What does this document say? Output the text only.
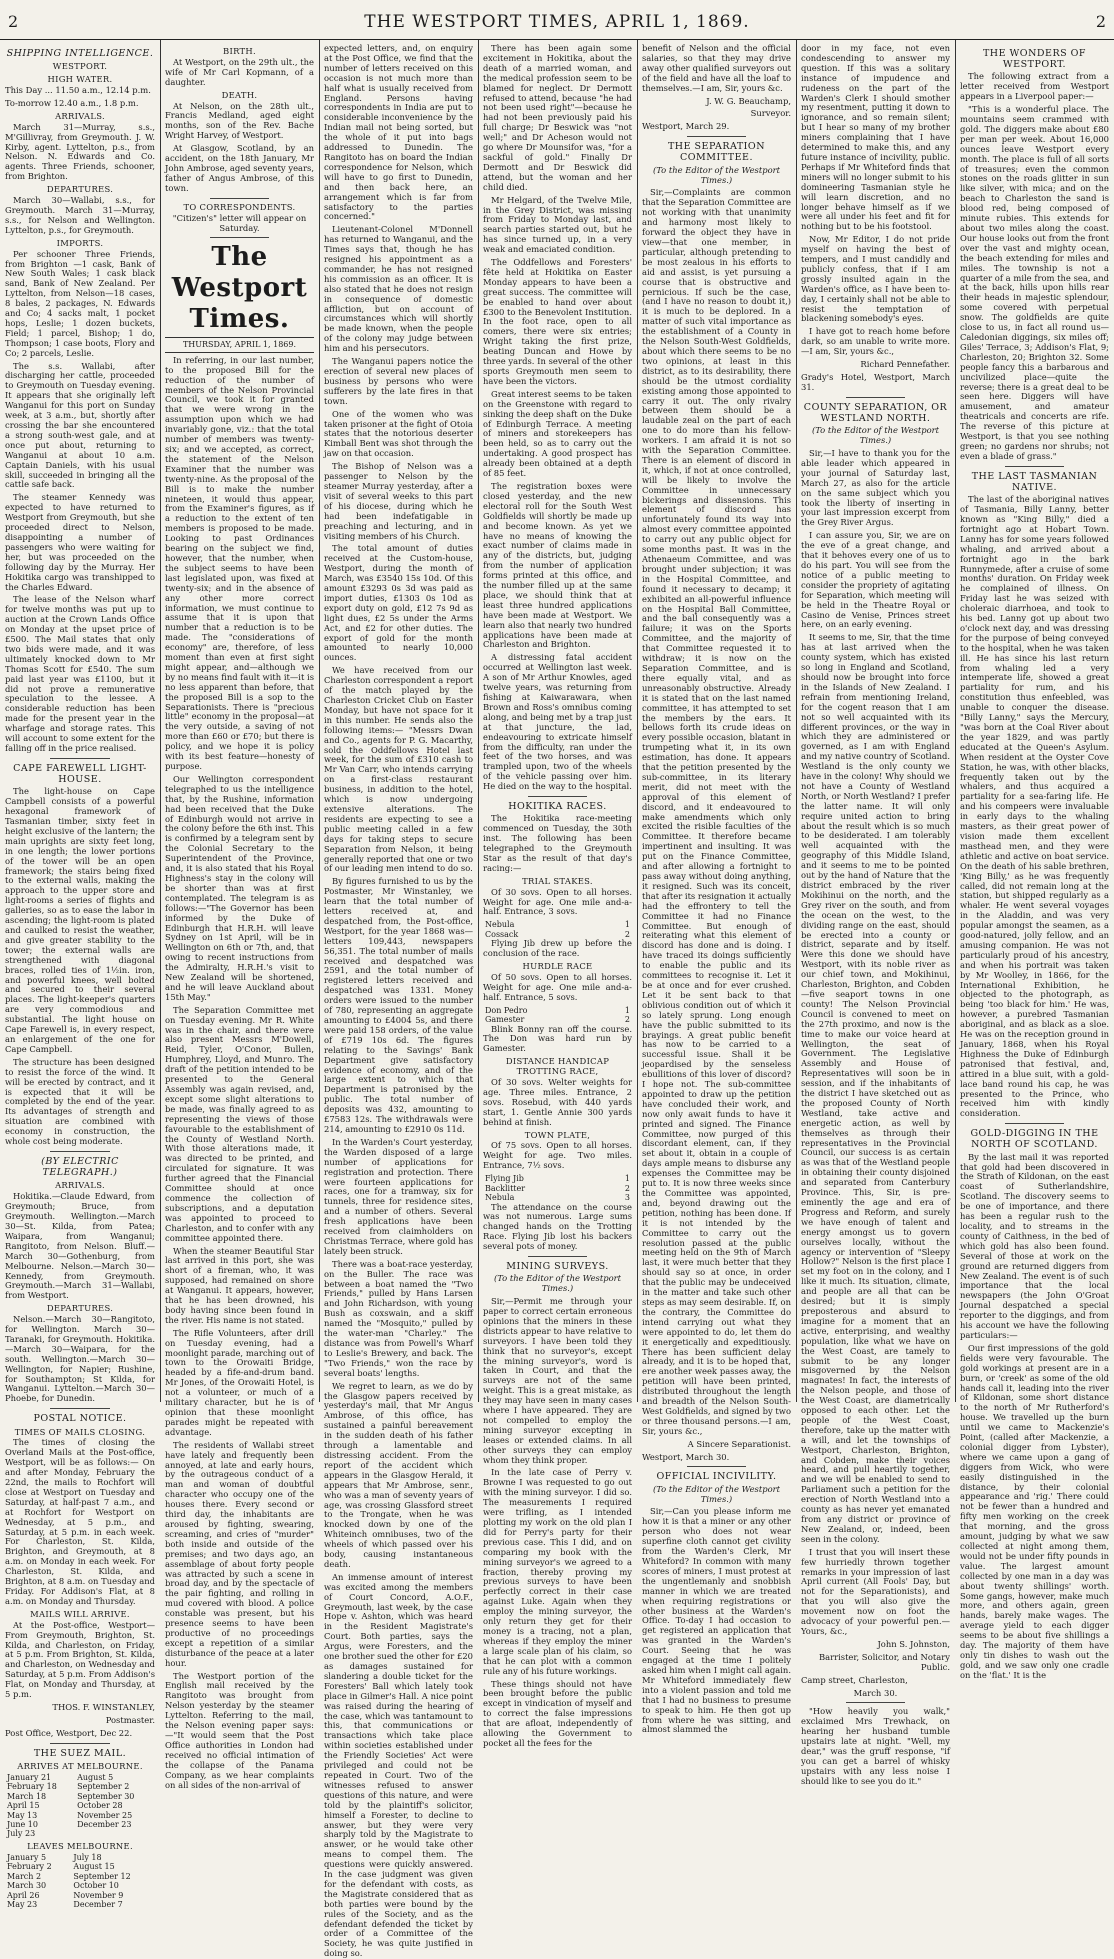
2	THE WESTPORT TIMES, APRIL 1, 1869.	2
SHIPPING INTELLIGENCE.
WESTPORT.
HIGH WATER.

This Day ... 11.50 a.m., 12.14 p.m.

To-morrow 12.40 a.m., 1.8 p.m.

ARRIVALS.

March 31—Murray, s.s., M'Gillivray, from Greymouth. J. W. Kirby, agent. Lyttelton, p.s., from Nelson. N. Edwards and Co. agents. Three Friends, schooner, from Brighton.

DEPARTURES.

March 30—Wallabi, s.s., for Greymouth. March 31—Murray, s.s., for Nelson and Wellington. Lyttelton, p.s., for Greymouth.

IMPORTS.

Per schooner Three Friends, from Brighton —1 cask, Bank of New South Wales; 1 cask black sand, Bank of New Zealand. Per Lyttelton, from Nelson—18 cases, 8 bales, 2 packages, N. Edwards and Co; 4 sacks malt, 1 pocket hops, Leslie; 1 dozen buckets, Field; 1 parcel, Bishop; 1 do, Thompson; 1 case boots, Flory and Co; 2 parcels, Leslie.

The s.s. Wallabi, after discharging her cattle, proceeded to Greymouth on Tuesday evening. It appears that she originally left Wanganui for this port on Sunday week, at 3 a.m., but, shortly after crossing the bar she encountered a strong south-west gale, and at once put about, returning to Wanganui at about 10 a.m. Captain Daniels, with his usual skill, succeeded in bringing all the cattle safe back.

The steamer Kennedy was expected to have returned to Westport from Greymouth, but she proceeded direct to Nelson, disappointing a number of passengers who were waiting for her, but was proceeded on the following day by the Murray. Her Hokitika cargo was transhipped to the Charles Edward.

The lease of the Nelson wharf for twelve months was put up to auction at the Crown Lands Office on Monday at the upset price of £500. The Mail states that only two bids were made, and it was ultimately knocked down to Mr Thomas Scott for £540. The sum paid last year was £1100, but it did not prove a remunerative speculation to the lessee. A considerable reduction has been made for the present year in the wharfage and storage rates. This will account to some extent for the falling off in the price realised.

CAPE FAREWELL LIGHT-HOUSE.

The light-house on Cape Campbell consists of a powerful hexagonal framework of Tasmanian timber, sixty feet in height exclusive of the lantern; the main uprights are sixty feet long, in one length; the lower portions of the tower will be an open framework; the stairs being fixed to the external walls, making the approach to the upper store and light-rooms a series of flights and galleries, so as to ease the labor in ascending; the light-room is plated and caulked to resist the weather, and give greater stability to the tower; the external walls are strengthened with diagonal braces, rolled ties of 1½in. iron, and powerful knees, well bolted and secured to their several places. The light-keeper's quarters are very commodious and substantial. The light house on Cape Farewell is, in every respect, an enlargement of the one for Cape Campbell.

The structure has been designed to resist the force of the wind. It will be erected by contract, and it is expected that it will be completed by the end of the year. Its advantages of strength and situation are combined with economy in construction, the whole cost being moderate.

(BY ELECTRIC TELEGRAPH.)
ARRIVALS.

Hokitika.—Claude Edward, from Greymouth; Bruce, from Greymouth. Wellington.—March 30—St. Kilda, from Patea; Waipara, from Wanganui; Rangitoto, from Nelson. Bluff.—March 30—Gothenburg, from Melbourne. Nelson.—March 30—Kennedy, from Greymouth. Greymouth.—March 31—Wallabi, from Westport.

DEPARTURES.

Nelson.—March 30—Rangitoto, for Wellington. March 30—Taranaki, for Greymouth. Hokitika.—March 30—Waipara, for the south. Wellington.—March 30—Wellington, for Napier; Rushine, for Southampton; St Kilda, for Wanganui. Lyttelton.—March 30—Phoebe, for Dunedin.

POSTAL NOTICE.
TIMES OF MAILS CLOSING.

The times of closing the Overland Mails at the Post-office, Westport, will be as follows:— On and after Monday, February the 22nd, the mails to Rochfort will close at Westport on Tuesday and Saturday, at half-past 7 a.m., and at Rochfort for Westport on Wednesday, at 5 p.m., and Saturday, at 5 p.m. in each week. For Charleston, St. Kilda, Brighton, and Greymouth, at 8 a.m. on Monday in each week. For Charleston, St. Kilda, and Brighton, at 8 a.m. on Tuesday and Friday. For Addison's Flat, at 8 a.m. on Monday and Thursday.

MAILS WILL ARRIVE.

At the Post-office, Westport— From Greymouth, Brighton, St. Kilda, and Charleston, on Friday, at 5 p.m. From Brighton, St. Kilda, and Charleston, on Wednesday and Saturday, at 5 p.m. From Addison's Flat, on Monday and Thursday, at 5 p.m.

THOS. F. WINSTANLEY,

Postmaster.

Post Office, Westport, Dec 22.

THE SUEZ MAIL.
ARRIVES AT MELBOURNE.
January 21	August 5
February 18	September 2
March 18	September 30
April 15	October 28
May 13	November 25
June 10	December 23
July 23	
LEAVES MELBOURNE.
January 5	July 18
February 2	August 15
March 2	September 12
March 30	October 10
April 26	November 9
May 23	December 7
BIRTH.

At Westport, on the 29th ult., the wife of Mr Carl Kopmann, of a daughter.

DEATH.

At Nelson, on the 28th ult., Francis Medland, aged eight months, son of the Rev. Bache Wright Harvey, of Westport.

At Glasgow, Scotland, by an accident, on the 18th January, Mr John Ambrose, aged seventy years, father of Angus Ambrose, of this town.

TO CORRESPONDENTS.

"Citizen's" letter will appear on Saturday.

The Westport Times.
THURSDAY, APRIL 1, 1869.

In referring, in our last number, to the proposed Bill for the reduction of the number of members of the Nelson Provincial Council, we took it for granted that we were wrong in the assumption upon which we had invariably gone, viz.: that the total number of members was twenty-six; and we accepted, as correct, the statement of the Nelson Examiner that the number was twenty-nine. As the proposal of the Bill is to make the number nineteen, it would thus appear, from the Examiner's figures, as if a reduction to the extent of ten members is proposed to be made. Looking to past Ordinances bearing on the subject we find, however, that the number, when the subject seems to have been last legislated upon, was fixed at twenty-six; and in the absence of any other more correct information, we must continue to assume that it is upon that number that a reduction is to be made. The "considerations of economy" are, therefore, of less moment than even at first sight might appear, and—although we by no means find fault with it—it is no less apparent than before, that the proposed Bill is a sop to the Separationists. There is "precious little" economy in the proposal—at the very outside, a saving of not more than £60 or £70; but there is policy, and we hope it is policy with its best feature—honesty of purpose.

Our Wellington correspondent telegraphed to us the intelligence that, by the Rushine, information had been received that the Duke of Edinburgh would not arrive in the colony before the 6th inst. This is confirmed by a telegram sent by the Colonial Secretary to the Superintendent of the Province, and, it is also stated that his Royal Highness's stay in the colony will be shorter than was at first contemplated. The telegram is as follows:—"The Governor has been informed by the Duke of Edinburgh that H.R.H. will leave Sydney on 1st April, will be in Wellington on 6th or 7th, and, that owing to recent instructions from the Admiralty, H.R.H.'s visit to New Zealand will be shortened, and he will leave Auckland about 15th May."

The Separation Committee met on Tuesday evening. Mr R. White was in the chair, and there were also present Messrs M'Dowell, Reid, Tyler, O'Conor, Bullen, Humphrey, Lloyd, and Munro. The draft of the petition intended to be presented to the General Assembly was again revised, and, except some slight alterations to be made, was finally agreed to as representing the views of those favourable to the establishment of the County of Westland North. With those alterations made, it was directed to be printed, and circulated for signature. It was further agreed that the Financial Committee should at once commence the collection of subscriptions, and a deputation was appointed to proceed to Charleston, and to confer with any committee appointed there.

When the steamer Beautiful Star last arrived in this port, she was short of a fireman, who, it was supposed, had remained on shore at Wanganui. It appears, however, that he has been drowned, his body having since been found in the river. His name is not stated.

The Rifle Volunteers, after drill on Tuesday evening, had a moonlight parade, marching out of town to the Orowaiti Bridge, headed by a fife-and-drum band. Mr Jones, of the Orowaiti Hotel, is not a volunteer, or much of a military character, but he is of opinion that these moonlight parades might be repeated with advantage.

The residents of Wallabi street have lately and frequently been annoyed, at late and early hours, by the outrageous conduct of a man and woman of doubtful character who occupy one of the houses there. Every second or third day, the inhabitants are aroused by fighting, swearing, screaming, and cries of "murder" both inside and outside of the premises; and two days ago, an assemblage of about forty people was attracted by such a scene in broad day, and by the spectacle of the pair fighting, and rolling in mud covered with blood. A police constable was present, but his presence seems to have been productive of no proceedings except a repetition of a similar disturbance of the peace at a later hour.

The Westport portion of the English mail received by the Rangitoto was brought from Nelson yesterday by the steamer Lyttelton. Referring to the mail, the Nelson evening paper says:—"It would seem that the Post Office authorities in London had received no official intimation of the collapse of the Panama Company, as we hear complaints on all sides of the non-arrival of

expected letters, and, on enquiry at the Post Office, we find that the number of letters received on this occasion is not much more than half what is usually received from England. Persons having correspondents in India are put to considerable inconvenience by the Indian mail not being sorted, but the whole of it put into bags addressed to Dunedin. The Rangitoto has on board the Indian correspondence for Nelson, which will have to go first to Dunedin, and then back here, an arrangement which is far from satisfactory to the parties concerned."

Lieutenant-Colonel M'Donnell has returned to Wanganui, and the Times says that, though he has resigned his appointment as a commander, he has not resigned his commission as an officer. It is also stated that he does not resign in consequence of domestic affliction, but on account of circumstances which will shortly be made known, when the people of the colony may judge between him and his persecutors.

The Wanganui papers notice the erection of several new places of business by persons who were sufferers by the late fires in that town.

One of the women who was taken prisoner at the fight of Otoia states that the notorious deserter Kimball Bent was shot through the jaw on that occasion.

The Bishop of Nelson was a passenger to Nelson by the steamer Murray yesterday, after a visit of several weeks to this part of his diocese, during which he had been indefatigable in preaching and lecturing, and in visiting members of his Church.

The total amount of duties received at the Custom-house, Westport, during the month of March, was £3540 15s 10d. Of this amount £3293 0s 3d was paid as import duties, £1303 0s 10d as export duty on gold, £12 7s 9d as light dues, £2 5s under the Arms Act, and £2 for other duties. The export of gold for the month amounted to nearly 10,000 ounces.

We have received from our Charleston correspondent a report of the match played by the Charleston Cricket Club on Easter Monday, but have not space for it in this number. He sends also the following items:— "Messrs Dwan and Co., agents for P. G. Macarthy, sold the Oddfellows Hotel last week, for the sum of £310 cash to Mr Van Carr, who intends carrying on a first-class restaurant business, in addition to the hotel, which is now undergoing extensive alterations. The residents are expecting to see a public meeting called in a few days for taking steps to secure Separation from Nelson, it being generally reported that one or two of our leading men intend to do so.

By figures furnished to us by the Postmaster, Mr Winstanley, we learn that the total number of letters received at, and despatched from, the Post-office, Westport, for the year 1868 was—letters 109,443, newspapers 56,351. The total number of mails received and despatched was 2591, and the total number of registered letters received and despatched was 1331. Money orders were issued to the number of 780, representing an aggregate amounting to £4004 5s, and there were paid 158 orders, of the value of £719 10s 6d. The figures relating to the Savings' Bank Department give satisfactory evidence of economy, and of the large extent to which that Department is patronised by the public. The total number of deposits was 432, amounting to £7583 12s. The withdrawals were 214, amounting to £2910 0s 11d.

In the Warden's Court yesterday, the Warden disposed of a large number of applications for registration and protection. There were fourteen applications for races, one for a tramway, six for tunnels, three for residence sites, and a number of others. Several fresh applications have been received from claimholders on Christmas Terrace, where gold has lately been struck.

There was a boat-race yesterday, on the Buller. The race was between a boat named the "Two Friends," pulled by Hans Larsen and John Richardson, with young Bush as coxswain, and a skiff named the "Mosquito," pulled by the water-man "Charley." The distance was from Powell's Wharf to Leslie's Brewery, and back. The "Two Friends," won the race by several boats' lengths.

We regret to learn, as we do by the Glasgow papers received by yesterday's mail, that Mr Angus Ambrose, of this office, has sustained a painful bereavement in the sudden death of his father through a lamentable and distressing accident. From the report of the accident which appears in the Glasgow Herald, it appears that Mr Ambrose, senr., who was a man of seventy years of age, was crossing Glassford street to the Trongate, when he was knocked down by one of the Whiteinch omnibuses, two of the wheels of which passed over his body, causing instantaneous death.

An immense amount of interest was excited among the members of Court Concord, A.O.F., Greymouth, last week, by the case Hope v. Ashton, which was heard in the Resident Magistrate's Court. Both parties, says the Argus, were Foresters, and the one brother sued the other for £20 as damages sustained for slandering a double ticket for the Foresters' Ball which lately took place in Gilmer's Hall. A nice point was raised during the hearing of the case, which was tantamount to this, that communications or transactions which take place within societies established under the Friendly Societies' Act were privileged and could not be repeated in Court. Two of the witnesses refused to answer questions of this nature, and were told by the plaintiff's solicitor, himself a Forester, to decline to answer, but they were very sharply told by the Magistrate to answer, or he would take other means to compel them. The questions were quickly answered. In the case judgment was given for the defendant with costs, as the Magistrate considered that as both parties were bound by the rules of the Society, and as the defendant defended the ticket by order of a Committee of the Society, he was quite justified in doing so.

There has been again some excitement in Hokitika, about the death of a married woman, and the medical profession seem to be blamed for neglect. Dr Dermott refused to attend, because "he had not been used right"—because he had not been previously paid his full charge; Dr Beswick was "not well;" and Dr Acheson would not go where Dr Mounsifor was, "for a sackful of gold." Finally Dr Dermott and Dr Beswick did attend, but the woman and her child died.

Mr Helgard, of the Twelve Mile, in the Grey District, was missing from Friday to Monday last, and search parties started out, but he has since turned up, in a very weak and emaciated condition.

The Oddfellows and Foresters' fête held at Hokitika on Easter Monday appears to have been a great success. The committee will be enabled to hand over about £300 to the Benevolent Institution. In the foot race, open to all comers, there were six entries; Wright taking the first prize, beating Duncan and Howe by three yards. In several of the other sports Greymouth men seem to have been the victors.

Great interest seems to be taken on the Greenstone with regard to sinking the deep shaft on the Duke of Edinburgh Terrace. A meeting of miners and storekeepers has been held, so as to carry out the undertaking. A good prospect has already been obtained at a depth of 85 feet.

The registration boxes were closed yesterday, and the new electoral roll for the South West Goldfields will shortly be made up and become known. As yet we have no means of knowing the exact number of claims made in any of the districts, but, judging from the number of application forms printed at this office, and the number filled up at the same place, we should think that at least three hundred applications have been made at Westport. We learn also that nearly two hundred applications have been made at Charleston and Brighton.

A distressing fatal accident occurred at Wellington last week. A son of Mr Arthur Knowles, aged twelve years, was returning from fishing at Kaiwarawara, when Brown and Ross's omnibus coming along, and being met by a trap just at that juncture, the lad, endeavouring to extricate himself from the difficulty, ran under the feet of the two horses, and was trampled upon, two of the wheels of the vehicle passing over him. He died on the way to the hospital.

HOKITIKA RACES.

The Hokitika race-meeting commenced on Tuesday, the 30th inst. The following has been telegraphed to the Greymouth Star as the result of that day's racing:—

TRIAL STAKES.

Of 30 sovs. Open to all horses. Weight for age. One mile and-a-half. Entrance, 3 sovs.

Nebula	1
Cossack	2

Flying Jib drew up before the conclusion of the race.

HURDLE RACE

Of 50 sovs. Open to all horses. Weight for age. One mile and-a-half. Entrance, 5 sovs.

Don Pedro	1
Gamester	2

Blink Bonny ran off the course. The Don was hard run by Gamester.

DISTANCE HANDICAP TROTTING RACE,

Of 30 sovs. Welter weights for age. Three miles. Entrance, 2 sovs. Rosebud, with 440 yards start, 1. Gentle Annie 300 yards behind at finish.

TOWN PLATE,

Of 75 sovs. Open to all horses. Weight for age. Two miles. Entrance, 7½ sovs.

Flying Jib	1
Backlitter	2
Nebula	3

The attendance on the course was not numerous. Large sums changed hands on the Trotting Race. Flying Jib lost his backers several pots of money.

MINING SURVEYS.

(To the Editor of the Westport Times.)

Sir,—Permit me through your paper to correct certain erroneous opinions that the miners in these districts appear to have relative to surveyors. I have been told they think that no surveyor's, except the mining surveyor's, word is taken in Court, and that the surveys are not of the same weight. This is a great mistake, as they may have seen in many cases where I have appeared. They are not compelled to employ the mining surveyor excepting in leases or extended claims. In all other surveys they can employ whom they think proper.

In the late case of Perry v. Browne I was requested to go out with the mining surveyor. I did so. The measurements I required were trifling, as I intended plotting my work on the old plan I did for Perry's party for their previous case. This I did, and on comparing my book with the mining surveyor's we agreed to a fraction, thereby proving my previous surveys to have been perfectly correct in their case against Luke. Again when they employ the mining surveyor, the only return they get for their money is a tracing, not a plan, whereas if they employ the miner a large scale plan of his claim, so that he can plot with a common rule any of his future workings.

These things should not have been brought before the public except in vindication of myself and to correct the false impressions that are afloat, independently of allowing the Government to pocket all the fees for the

benefit of Nelson and the official salaries, so that they may drive away other qualified surveyors out of the field and have all the loaf to themselves.—I am, Sir, yours &c.

J. W. G. Beauchamp,

Surveyor.

Westport, March 29.

THE SEPARATION COMMITTEE.

(To the Editor of the Westport Times.)

Sir,—Complaints are common that the Separation Committee are not working with that unanimity and harmony most likely to forward the object they have in view—that one member, in particular, although pretending to be most zealous in his efforts to aid and assist, is yet pursuing a course that is obstructive and pernicious. If such be the case, (and I have no reason to doubt it,) it is much to be deplored. In a matter of such vital importance as the establishment of a County in the Nelson South-West Goldfields, about which there seems to be no two opinions, at least in this district, as to its desirability, there should be the utmost cordiality existing among those appointed to carry it out. The only rivalry between them should be a laudable zeal on the part of each one to do more than his fellow-workers. I am afraid it is not so with the Separation Committee. There is an element of discord in it, which, if not at once controlled, will be likely to involve the Committee in unnecessary bickerings and dissensions. This element of discord has unfortunately found its way into almost every committee appointed to carry out any public object for some months past. It was in the Athenaeum Committee, and was brought under subjection; it was in the Hospital Committee, and found it necessary to decamp; it exhibited an all-powerful influence on the Hospital Ball Committee, and the ball consequently was a failure; it was on the Sports Committee, and the majority of that Committee requested it to withdraw; it is now on the Separation Committee, and is there equally vital, and as unreasonably obstructive. Already it is stated that on the last named committee, it has attempted to set the members by the ears. It bellows forth its crude ideas on every possible occasion, blatant in trumpeting what it, in its own estimation, has done. It appears that the petition presented by the sub-committee, in its literary merit, did not meet with the approval of this element of discord, and it endeavoured to make amendments which only excited the risible faculties of the Committee. It therefore became impertinent and insulting. It was put on the Finance Committee, and after allowing a fortnight to pass away without doing anything, it resigned. Such was its conceit, that after its resignation it actually had the effrontery to tell the Committee it had no Finance Committee. But enough of reiterating what this element of discord has done and is doing. I have traced its doings sufficiently to enable the public and its committees to recognise it. Let it be at once and for ever crushed. Let it be sent back to that oblivious condition out of which it so lately sprung. Long enough have the public submitted to its brayings. A great public benefit has now to be carried to a successful issue. Shall it be jeopardised by the senseless ebullitions of this lover of discord? I hope not. The sub-committee appointed to draw up the petition have concluded their work, and now only await funds to have it printed and signed. The Finance Committee, now purged of this discordant element, can, if they set about it, obtain in a couple of days ample means to disburse any expenses the Committee may be put to. It is now three weeks since the Committee was appointed, and, beyond drawing out the petition, nothing has been done. If it is not intended by the Committee to carry out the resolution passed at the public meeting held on the 9th of March last, it were much better that they should say so at once, in order that the public may be undeceived in the matter and take such other steps as may seem desirable. If, on the contrary, the Committee do intend carrying out what they were appointed to do, let them do it energetically and expeditiously. There has been sufficient delay already, and it is to be hoped that, ere another week passes away, the petition will have been printed, distributed throughout the length and breadth of the Nelson South-West Goldfields, and signed by two or three thousand persons.—I am, Sir, yours &c.,

A Sincere Separationist.

Westport, March 30.

OFFICIAL INCIVILITY.

(To the Editor of the Westport Times.)

Sir,—Can you please inform me how it is that a miner or any other person who does not wear superfine cloth cannot get civility from the Warden's Clerk, Mr Whiteford? In common with many scores of miners, I must protest at the ungentlemanly and snobbish manner in which we are treated when requiring registrations or other business at the Warden's Office. To-day I had occasion to get registered an application that was granted in the Warden's Court. Seeing that he was engaged at the time I politely asked him when I might call again. Mr Whiteford immediately flew into a violent passion and told me that I had no business to presume to speak to him. He then got up from where he was sitting, and almost slammed the

door in my face, not even condescending to answer my question. If this was a solitary instance of impudence and rudeness on the part of the Warden's Clerk I should smother my resentment, putting it down to ignorance, and so remain silent; but I hear so many of my brother miners complaining that I have determined to make this, and any future instance of incivility, public. Perhaps if Mr Whiteford finds that miners will no longer submit to his domineering Tasmanian style he will learn discretion, and no longer behave himself as if we were all under his feet and fit for nothing but to be his footstool.

Now, Mr Editor, I do not pride myself on having the best of tempers, and I must candidly and publicly confess, that if I am grossly insulted again in the Warden's office, as I have been to-day, I certainly shall not be able to resist the temptation of blackening somebody's eyes.

I have got to reach home before dark, so am unable to write more.—I am, Sir, yours &c.,

Richard Pennefather.

Grady's Hotel, Westport, March 31.

COUNTY SEPARATION, OR WESTLAND NORTH.

(To the Editor of the Westport Times.)

Sir,—I have to thank you for the able leader which appeared in your journal of Saturday last, March 27, as also for the article on the same subject which you took the liberty of inserting in your last impression excerpt from the Grey River Argus.

I can assure you, Sir, we are on the eve of a great change, and that it behoves every one of us to do his part. You will see from the notice of a public meeting to consider the propriety of agitating for Separation, which meeting will be held in the Theatre Royal or Casino de Venise, Princes street here, on an early evening.

It seems to me, Sir, that the time has at last arrived when the county system, which has existed so long in England and Scotland, should now be brought into force in the Islands of New Zealand. I refrain from mentioning Ireland, for the cogent reason that I am not so well acquainted with its different provinces, or the way in which they are administered or governed, as I am with England and my native country of Scotland. Westland is the only county we have in the colony! Why should we not have a County of Westland North, or North Westland? I prefer the latter name. It will only require united action to bring about the result which is so much to be desiderated. I am tolerably well acquainted with the geography of this Middle Island, and it seems to me to be pointed out by the hand of Nature that the district embraced by the river Mokihinui on the north, and the Grey river on the south, and from the ocean on the west, to the dividing range on the east, should be erected into a county or district, separate and by itself. Were this done we should have Westport, with its noble river as our chief town, and Mokihinui, Charleston, Brighton, and Cobden—five seaport towns in one county! The Nelson Provincial Council is convened to meet on the 27th proximo, and now is the time to make our voice heard at Wellington, the seat of Government. The Legislative Assembly and House of Representatives will soon be in session, and if the inhabitants of the district I have sketched out as the proposed County of North Westland, take active and energetic action, as well by themselves as through their representatives in the Provincial Council, our success is as certain as was that of the Westland people in obtaining their county disjoined and separated from Canterbury Province. This, Sir, is pre-eminently the age and era of Progress and Reform, and surely we have enough of talent and energy amongst us to govern ourselves locally, without the agency or intervention of "Sleepy Hollow?" Nelson is the first place I set my foot on in the colony, and I like it much. Its situation, climate, and people are all that can be desired; but it is simply preposterous and absurd to imagine for a moment that an active, enterprising, and wealthy population, like what we have on the West Coast, are tamely to submit to be any longer misgoverned by the Nelson magnates! In fact, the interests of the Nelson people, and those of the West Coast, are diametrically opposed to each other. Let the people of the West Coast, therefore, take up the matter with a will, and let the townships of Westport, Charleston, Brighton, and Cobden, make their voices heard, and pull heartily together, and we will be enabled to send to Parliament such a petition for the erection of North Westland into a county as has never yet emanated from any district or province of New Zealand, or, indeed, been seen in the colony.

I trust that you will insert these few hurriedly thrown together remarks in your impression of last April current (All Fools' Day, but not for the Separationists), and that you will also give the movement now on foot the advocacy of your powerful pen.—Yours, &c.,

John S. Johnston,

Barrister, Solicitor, and Notary Public.

Camp street, Charleston,

March 30.

"How heavily you walk," exclaimed Mrs Trewhack, on hearing her husband tumble upstairs late at night. "Well, my dear," was the gruff response, "if you can get a barrel of whisky upstairs with any less noise I should like to see you do it."

THE WONDERS OF WESTPORT.

The following extract from a letter received from Westport appears in a Liverpool paper:—

"This is a wonderful place. The mountains seem crammed with gold. The diggers make about £80 per man per week. About 16,000 ounces leave Westport every month. The place is full of all sorts of treasures; even the common stones on the roads glitter in sun like silver, with mica; and on the beach to Charleston the sand is blood red, being composed of minute rubies. This extends for about two miles along the coast. Our house looks out from the front over the vast and mighty ocean, the beach extending for miles and miles. The township is not a quarter of a mile from the sea, and at the back, hills upon hills rear their heads in majestic splendour, some covered with perpetual snow. The goldfields are quite close to us, in fact all round us—Caledonian diggings, six miles off; Giles' Terrace, 3; Addison's Flat, 9; Charleston, 20; Brighton 32. Some people fancy this a barbarous and uncivilized place—quite the reverse; there is a great deal to be seen here. Diggers will have amusement, and amateur theatricals and concerts are rife. The reverse of this picture at Westport, is that you see nothing green; no gardens nor shrubs; not even a blade of grass."

THE LAST TASMANIAN NATIVE.

The last of the aboriginal natives of Tasmania, Billy Lanny, better known as "King Billy," died a fortnight ago at Hobart Town. Lanny has for some years followed whaling, and arrived about a fortnight ago in the bark Runnymede, after a cruise of some months' duration. On Friday week he complained of illness. On Friday last he was seized with choleraic diarrhoea, and took to his bed. Lanny got up about two o'clock next day, and was dressing for the purpose of being conveyed to the hospital, when he was taken ill. He has since his last return from whaling led a very intemperate life, showed a great partiality for rum, and his constitution thus enfeebled, was unable to conquer the disease. "Billy Lanny," says the Mercury, "was born at the Coal River about the year 1829, and was partly educated at the Queen's Asylum. When resident at the Oyster Cove Station, he was, with other blacks, frequently taken out by the whalers, and thus acquired a partiality for a sea-faring life. He and his compeers were invaluable in early days to the whaling masters, as their great power of vision made them excellent masthead men, and they were athletic and active on boat service. On the death of his sable brethren, 'King Billy,' as he was frequently called, did not remain long at the station, but shipped regularly as a whaler. He went several voyages in the Aladdin, and was very popular amongst the seamen, as a good-natured, jolly fellow, and an amusing companion. He was not particularly proud of his ancestry, and when his portrait was taken by Mr Woolley, in 1866, for the International Exhibition, he objected to the photograph, as being 'too black for him.' He was, however, a purebred Tasmanian aboriginal, and as black as a sloe. He was on the reception ground in January, 1868, when his Royal Highness the Duke of Edinburgh patronised that festival, and, attired in a blue suit, with a gold-lace band round his cap, he was presented to the Prince, who received him with kindly consideration.

GOLD-DIGGING IN THE NORTH OF SCOTLAND.

By the last mail it was reported that gold had been discovered in the Strath of Kildonan, on the east coast of Sutherlandshire, Scotland. The discovery seems to be one of importance, and there has been a regular rush to the locality, and to streams in the county of Caithness, in the bed of which gold has also been found. Several of those at work on the ground are returned diggers from New Zealand. The event is of such importance that the local newspapers (the John O'Groat Journal despatched a special reporter to the diggings, and from his account we have the following particulars:—

Our first impressions of the gold fields were very favourable. The gold workings at present are in a burn, or 'creek' as some of the old hands call it, leading into the river of Kildonan, some short distance to the north of Mr Rutherford's house. We travelled up the burn until we came to Mackenzie's Point, (called after Mackenzie, a colonial digger from Lybster), where we came upon a gang of diggers from Wick, who were easily distinguished in the distance, by their colonial appearance and 'rig.' There could not be fewer than a hundred and fifty men working on the creek that morning, and the gross amount, judging by what we saw collected at night among them, would not be under fifty pounds in value. The largest amount collected by one man in a day was about twenty shillings' worth. Some gangs, however, make much more, and others again, green hands, barely make wages. The average yield to each digger seems to be about five shillings a day. The majority of them have only tin dishes to wash out the gold, and we saw only one cradle on the 'flat.' It is the
